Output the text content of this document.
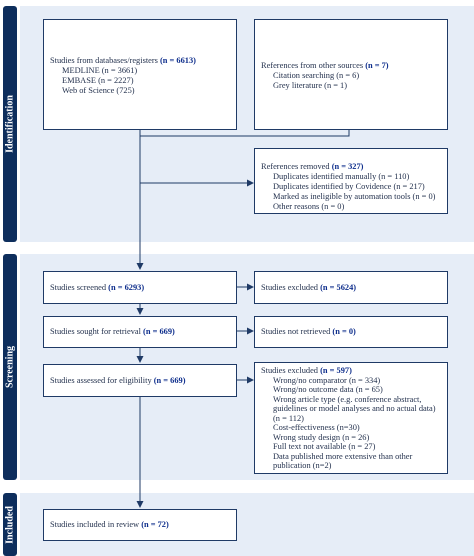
Identification
Screening
Included
Studies from databases/registers (n = 6613)
MEDLINE (n = 3661)
EMBASE (n = 2227)
Web of Science (725)
References from other sources (n = 7)
Citation searching (n = 6)
Grey literature (n = 1)
References removed (n = 327)
Duplicates identified manually (n = 110)
Duplicates identified by Covidence (n = 217)
Marked as ineligible by automation tools (n = 0)
Other reasons (n = 0)
Studies screened (n = 6293)	Studies excluded (n = 5624)
Studies sought for retrieval (n = 669)	Studies not retrieved (n = 0)
Studies assessed for eligibility (n = 669)
Studies excluded (n = 597)
Wrong/no comparator (n = 334)
Wrong/no outcome data (n = 65)
Wrong article type (e.g. conference abstract, guidelines or model analyses and no actual data) (n = 112)
Cost-effectiveness (n=30)
Wrong study design (n = 26)
Full text not available (n = 27)
Data published more extensive than other publication (n=2)
Studies included in review (n = 72)
